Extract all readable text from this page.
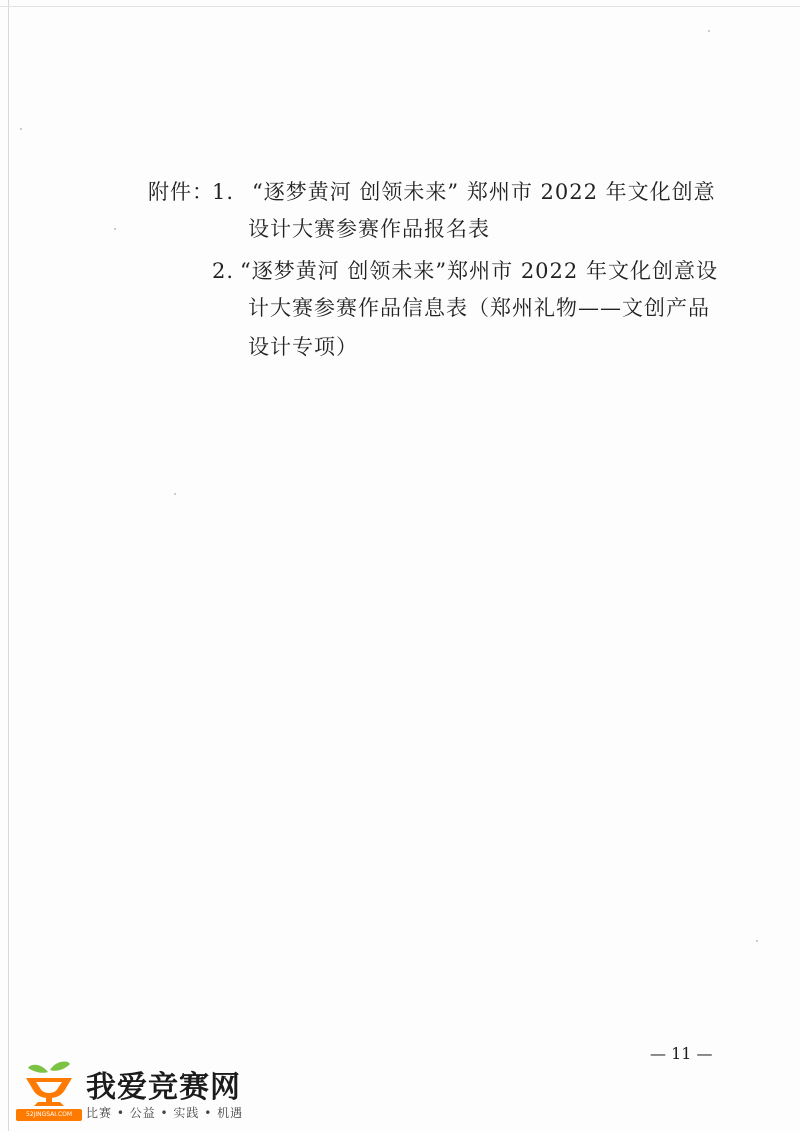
附件：
1. “逐梦黄河 创领未来” 郑州市 2022 年文化创意
设计大赛参赛作品报名表
2. “逐梦黄河 创领未来”郑州市 2022 年文化创意设
计大赛参赛作品信息表（郑州礼物——文创产品
设计专项）
— 11 —
52JINGSAI.COM
我爱竞赛网
比赛 • 公益 • 实践 • 机遇
